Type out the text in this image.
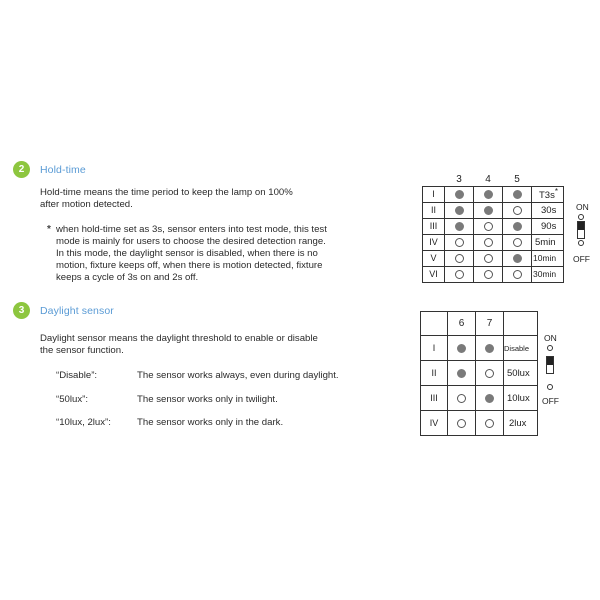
2	Hold-time
Hold-time means the time period to keep the lamp on 100%
after motion detected.
* when hold-time set as 3s, sensor enters into test mode, this test
mode is mainly for users to choose the desired detection range.
In this mode, the daylight sensor is disabled, when there is no
motion, fixture keeps off, when there is motion detected, fixture
keeps a cycle of 3s on and 2s off.
	3	4	5	
I				T3s*
II				30s
III				90s
IV				5min
V				10min
VI				30min
ON
OFF
3	Daylight sensor
Daylight sensor means the daylight threshold to enable or disable
the sensor function.
“Disable”:	The sensor works always, even during daylight.
“50lux”:	The sensor works only in twilight.
“10lux, 2lux”:	The sensor works only in the dark.
	6	7	
I			Disable
II			50lux
III			10lux
IV			2lux
ON
OFF
